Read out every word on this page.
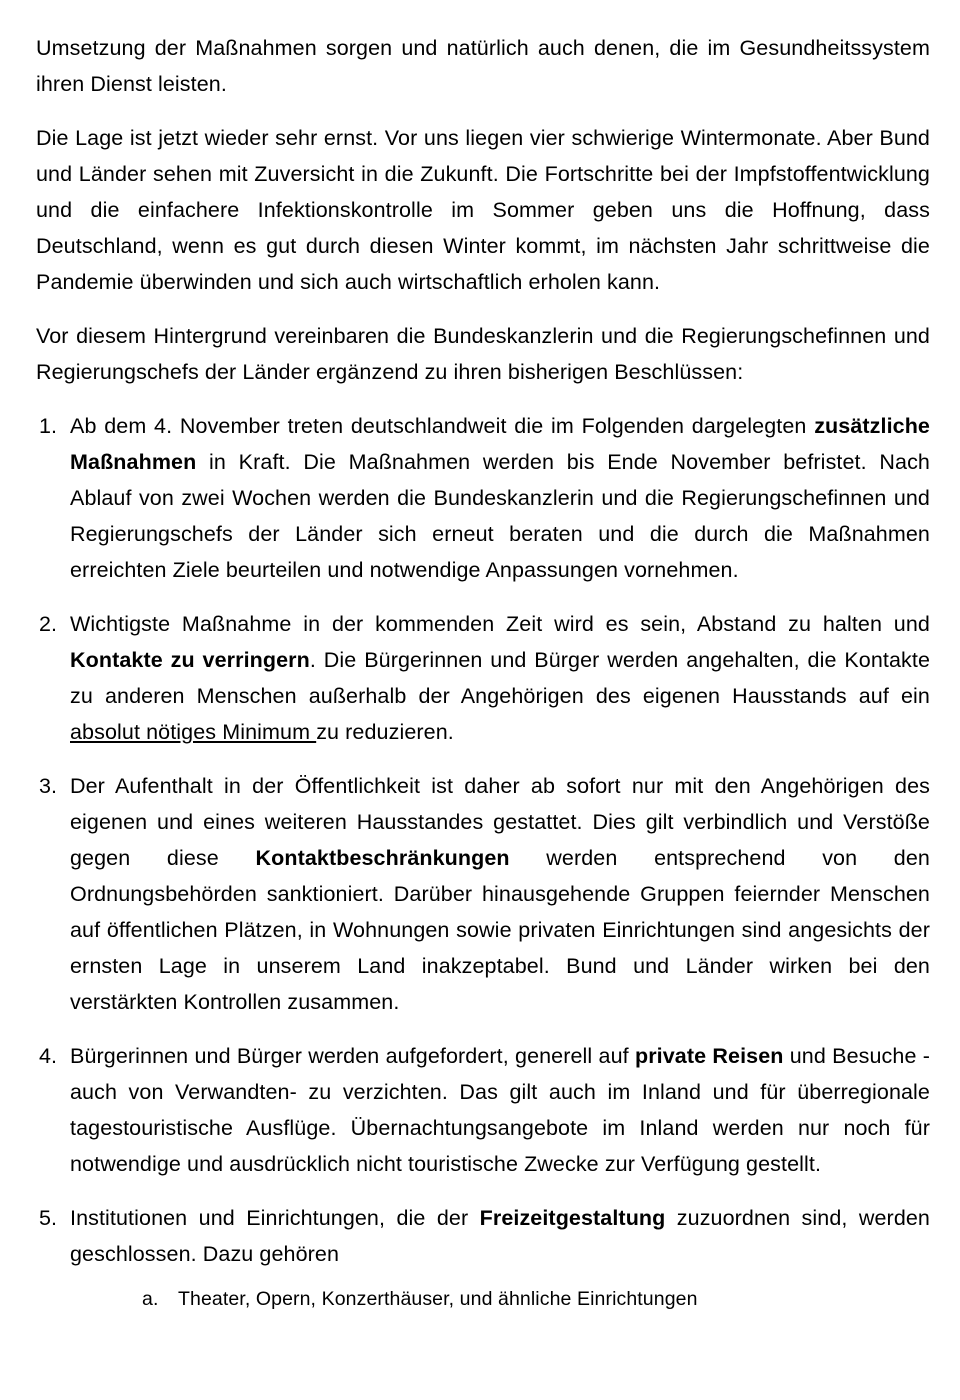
Umsetzung der Maßnahmen sorgen und natürlich auch denen, die im Gesundheitssystem ihren Dienst leisten.

Die Lage ist jetzt wieder sehr ernst. Vor uns liegen vier schwierige Wintermonate. Aber Bund und Länder sehen mit Zuversicht in die Zukunft. Die Fortschritte bei der Impfstoffentwicklung und die einfachere Infektionskontrolle im Sommer geben uns die Hoffnung, dass Deutschland, wenn es gut durch diesen Winter kommt, im nächsten Jahr schrittweise die Pandemie überwinden und sich auch wirtschaftlich erholen kann.

Vor diesem Hintergrund vereinbaren die Bundeskanzlerin und die Regierungschefinnen und Regierungschefs der Länder ergänzend zu ihren bisherigen Beschlüssen:

1. Ab dem 4. November treten deutschlandweit die im Folgenden dargelegten zusätzliche Maßnahmen in Kraft. Die Maßnahmen werden bis Ende November befristet. Nach Ablauf von zwei Wochen werden die Bundeskanzlerin und die Regierungschefinnen und Regierungschefs der Länder sich erneut beraten und die durch die Maßnahmen erreichten Ziele beurteilen und notwendige Anpassungen vornehmen.
2. Wichtigste Maßnahme in der kommenden Zeit wird es sein, Abstand zu halten und Kontakte zu verringern. Die Bürgerinnen und Bürger werden angehalten, die Kontakte zu anderen Menschen außerhalb der Angehörigen des eigenen Hausstands auf ein absolut nötiges Minimum zu reduzieren.
3. Der Aufenthalt in der Öffentlichkeit ist daher ab sofort nur mit den Angehörigen des eigenen und eines weiteren Hausstandes gestattet. Dies gilt verbindlich und Verstöße gegen diese Kontaktbeschränkungen werden entsprechend von den Ordnungsbehörden sanktioniert. Darüber hinausgehende Gruppen feiernder Menschen auf öffentlichen Plätzen, in Wohnungen sowie privaten Einrichtungen sind angesichts der ernsten Lage in unserem Land inakzeptabel. Bund und Länder wirken bei den verstärkten Kontrollen zusammen.
4. Bürgerinnen und Bürger werden aufgefordert, generell auf private Reisen und Besuche -auch von Verwandten- zu verzichten. Das gilt auch im Inland und für überregionale tagestouristische Ausflüge. Übernachtungsangebote im Inland werden nur noch für notwendige und ausdrücklich nicht touristische Zwecke zur Verfügung gestellt.
5. Institutionen und Einrichtungen, die der Freizeitgestaltung zuzuordnen sind, werden geschlossen. Dazu gehören
a.	Theater, Opern, Konzerthäuser, und ähnliche Einrichtungen
